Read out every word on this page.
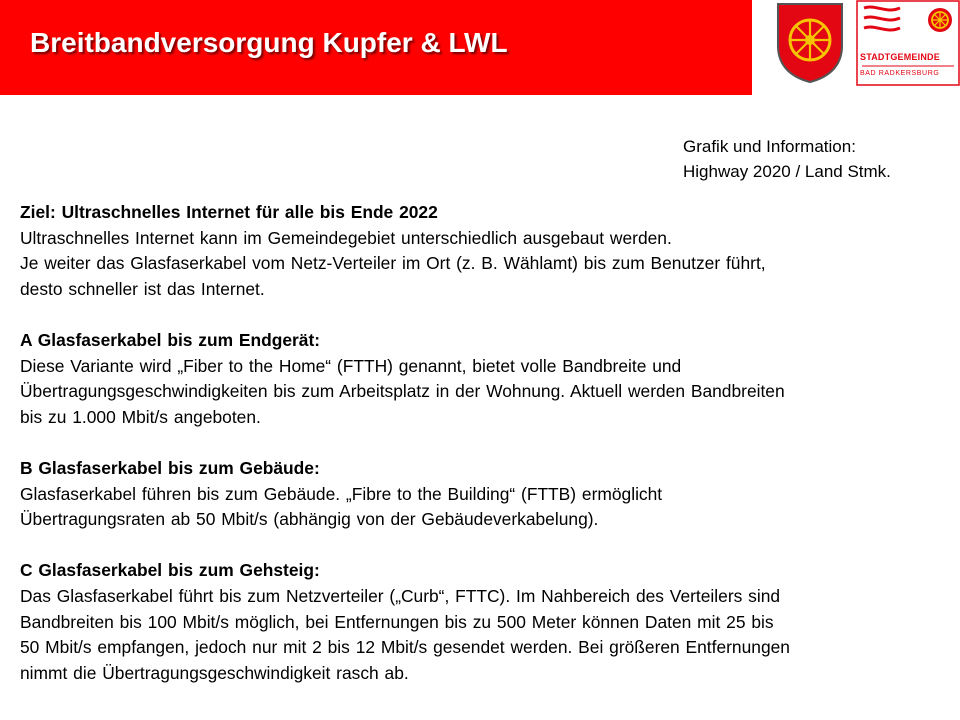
Breitbandversorgung Kupfer & LWL	STADTGEMEINDE
BAD RADKERSBURG
Grafik und Information:
Highway 2020 / Land Stmk.

Ziel: Ultraschnelles Internet für alle bis Ende 2022

Ultraschnelles Internet kann im Gemeindegebiet unterschiedlich ausgebaut werden.

Je weiter das Glasfaserkabel vom Netz-Verteiler im Ort (z. B. Wählamt) bis zum Benutzer führt,

desto schneller ist das Internet.

A Glasfaserkabel bis zum Endgerät:

Diese Variante wird „Fiber to the Home“ (FTTH) genannt, bietet volle Bandbreite und

Übertragungsgeschwindigkeiten bis zum Arbeitsplatz in der Wohnung. Aktuell werden Bandbreiten

bis zu 1.000 Mbit/s angeboten.

B Glasfaserkabel bis zum Gebäude:

Glasfaserkabel führen bis zum Gebäude. „Fibre to the Building“ (FTTB) ermöglicht

Übertragungsraten ab 50 Mbit/s (abhängig von der Gebäudeverkabelung).

C Glasfaserkabel bis zum Gehsteig:

Das Glasfaserkabel führt bis zum Netzverteiler („Curb“, FTTC). Im Nahbereich des Verteilers sind

Bandbreiten bis 100 Mbit/s möglich, bei Entfernungen bis zu 500 Meter können Daten mit 25 bis

50 Mbit/s empfangen, jedoch nur mit 2 bis 12 Mbit/s gesendet werden. Bei größeren Entfernungen

nimmt die Übertragungsgeschwindigkeit rasch ab.
